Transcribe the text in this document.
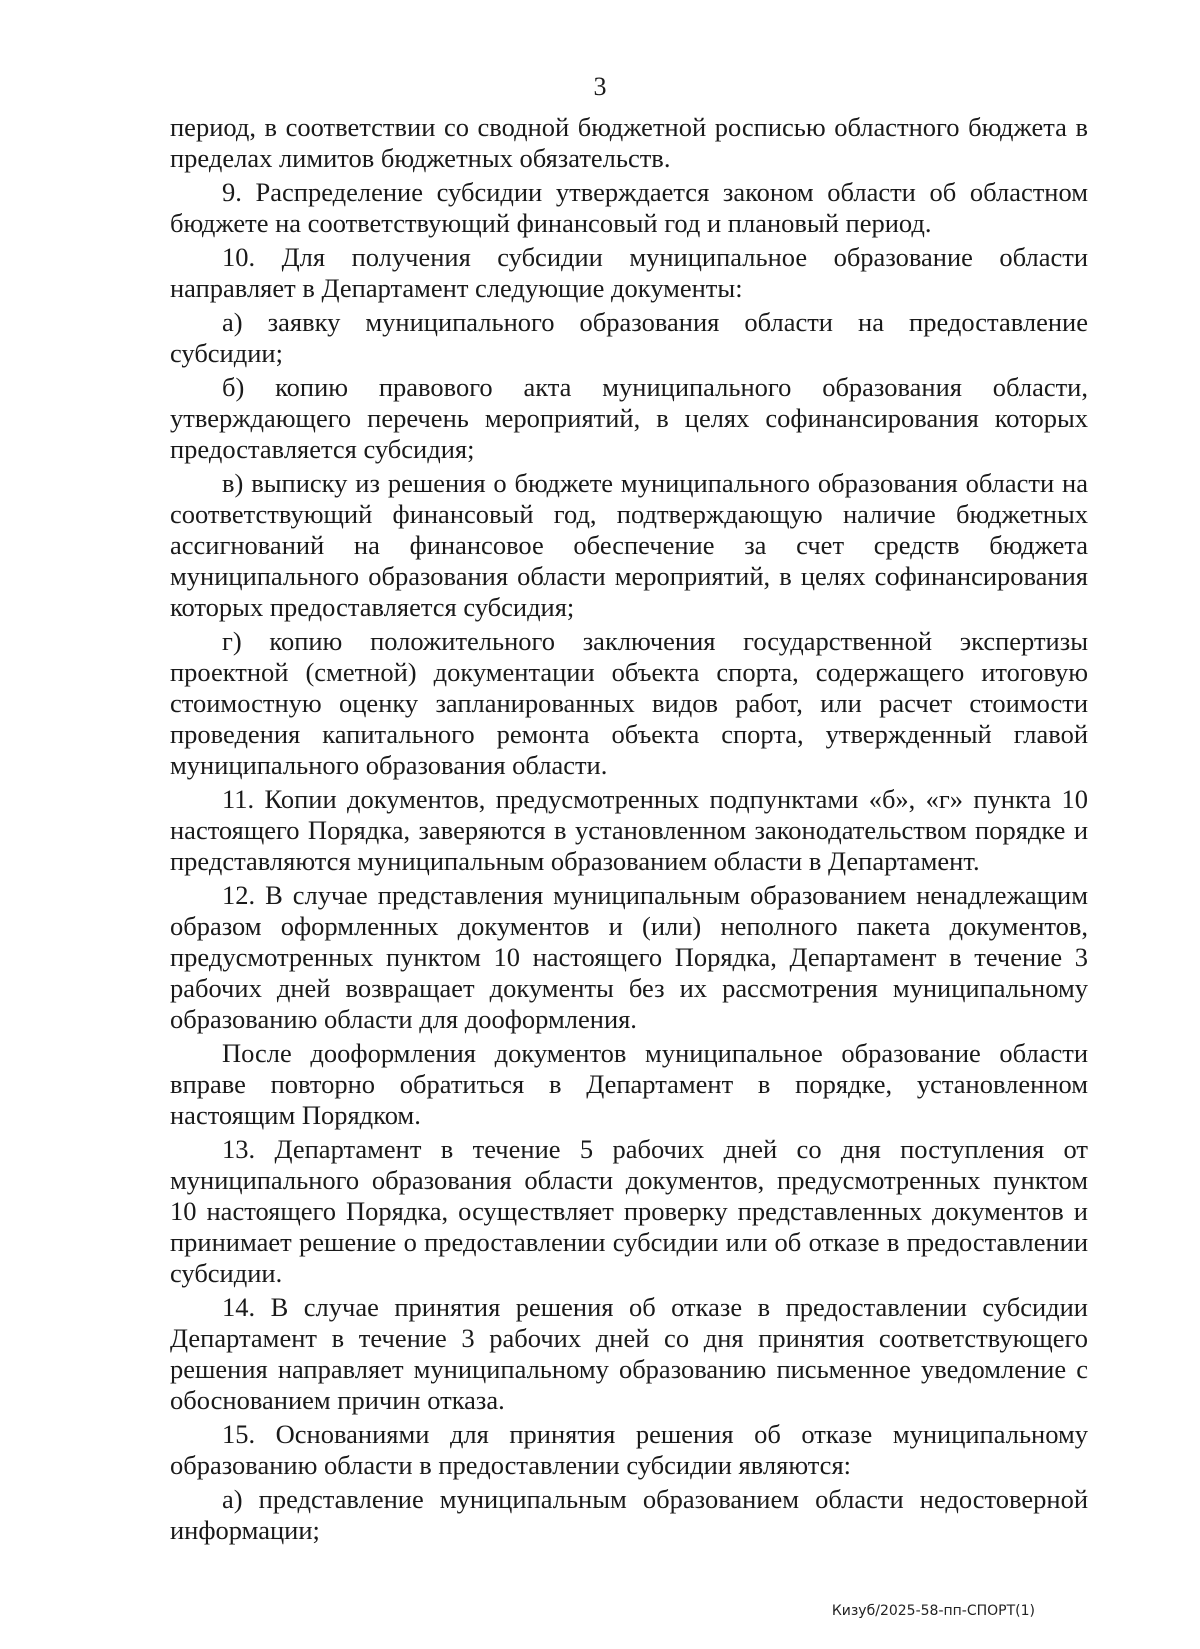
3

период, в соответствии со сводной бюджетной росписью областного бюджета в пределах лимитов бюджетных обязательств.

9. Распределение субсидии утверждается законом области об областном бюджете на соответствующий финансовый год и плановый период.

10. Для получения субсидии муниципальное образование области направляет в Департамент следующие документы:

а) заявку муниципального образования области на предоставление субсидии;

б) копию правового акта муниципального образования области, утверждающего перечень мероприятий, в целях софинансирования которых предоставляется субсидия;

в) выписку из решения о бюджете муниципального образования области на соответствующий финансовый год, подтверждающую наличие бюджетных ассигнований на финансовое обеспечение за счет средств бюджета муниципального образования области мероприятий, в целях софинансирования которых предоставляется субсидия;

г) копию положительного заключения государственной экспертизы проектной (сметной) документации объекта спорта, содержащего итоговую стоимостную оценку запланированных видов работ, или расчет стоимости проведения капитального ремонта объекта спорта, утвержденный главой муниципального образования области.

11. Копии документов, предусмотренных подпунктами «б», «г» пункта 10 настоящего Порядка, заверяются в установленном законодательством порядке и представляются муниципальным образованием области в Департамент.

12. В случае представления муниципальным образованием ненадлежащим образом оформленных документов и (или) неполного пакета документов, предусмотренных пунктом 10 настоящего Порядка, Департамент в течение 3 рабочих дней возвращает документы без их рассмотрения муниципальному образованию области для дооформления.

После дооформления документов муниципальное образование области вправе повторно обратиться в Департамент в порядке, установленном настоящим Порядком.

13. Департамент в течение 5 рабочих дней со дня поступления от муниципального образования области документов, предусмотренных пунктом 10 настоящего Порядка, осуществляет проверку представленных документов и принимает решение о предоставлении субсидии или об отказе в предоставлении субсидии.

14. В случае принятия решения об отказе в предоставлении субсидии Департамент в течение 3 рабочих дней со дня принятия соответствующего решения направляет муниципальному образованию письменное уведомление с обоснованием причин отказа.

15. Основаниями для принятия решения об отказе муниципальному образованию области в предоставлении субсидии являются:

а) представление муниципальным образованием области недостоверной информации;

Кизуб/2025-58-пп-СПОРТ(1)
